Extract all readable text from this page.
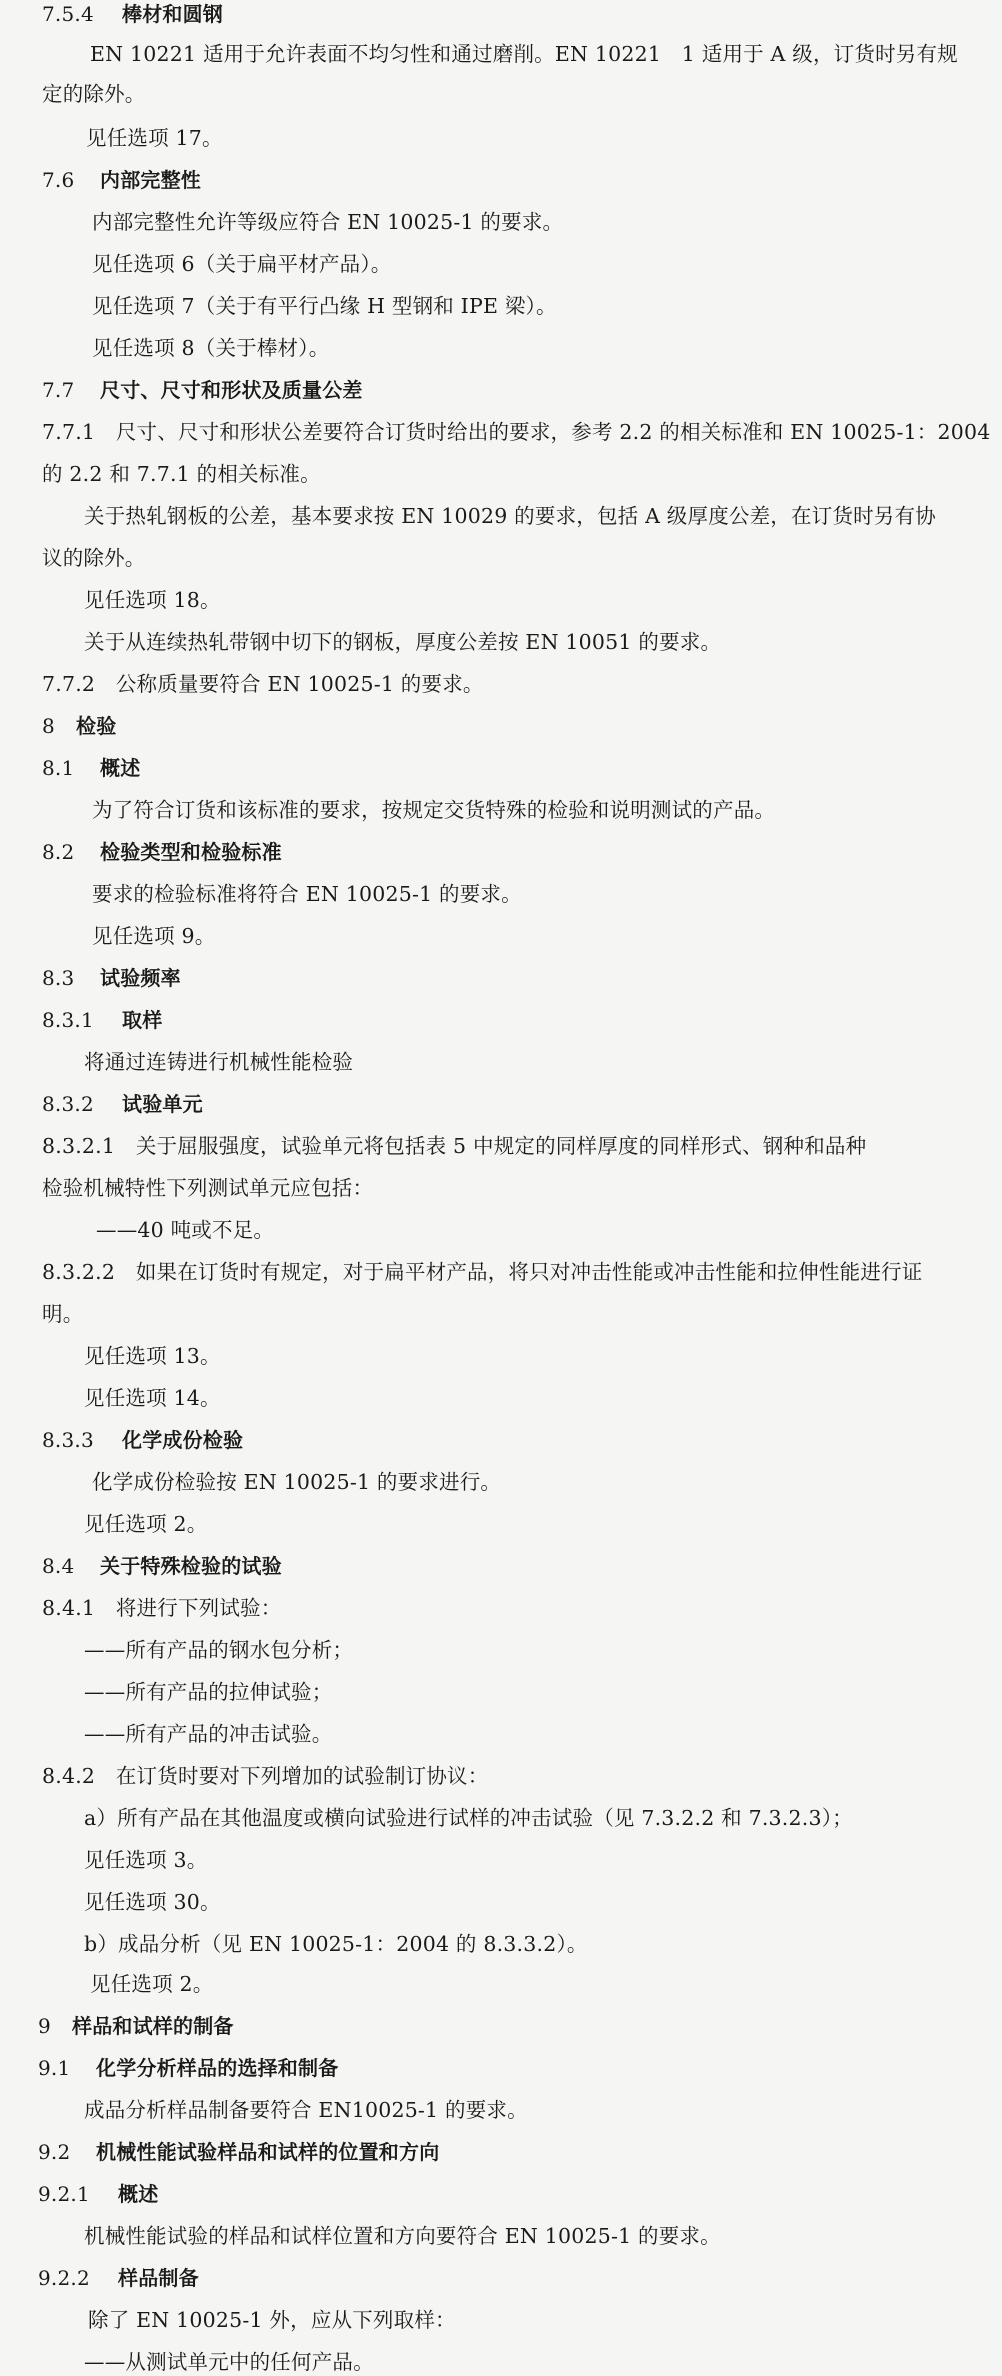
7.5.4 棒材和圆钢
EN 10221 适用于允许表面不均匀性和通过磨削。EN 10221　1 适用于 A 级，订货时另有规
定的除外。
见任选项 17。
7.6 内部完整性
内部完整性允许等级应符合 EN 10025-1 的要求。
见任选项 6（关于扁平材产品）。
见任选项 7（关于有平行凸缘 H 型钢和 IPE 梁）。
见任选项 8（关于棒材）。
7.7 尺寸、尺寸和形状及质量公差
7.7.1　尺寸、尺寸和形状公差要符合订货时给出的要求，参考 2.2 的相关标准和 EN 10025-1：2004
的 2.2 和 7.7.1 的相关标准。
关于热轧钢板的公差，基本要求按 EN 10029 的要求，包括 A 级厚度公差，在订货时另有协
议的除外。
见任选项 18。
关于从连续热轧带钢中切下的钢板，厚度公差按 EN 10051 的要求。
7.7.2　公称质量要符合 EN 10025-1 的要求。
8 检验
8.1 概述
为了符合订货和该标准的要求，按规定交货特殊的检验和说明测试的产品。
8.2 检验类型和检验标准
要求的检验标准将符合 EN 10025-1 的要求。
见任选项 9。
8.3 试验频率
8.3.1 取样
将通过连铸进行机械性能检验
8.3.2 试验单元
8.3.2.1　关于屈服强度，试验单元将包括表 5 中规定的同样厚度的同样形式、钢种和品种
检验机械特性下列测试单元应包括：
——40 吨或不足。
8.3.2.2　如果在订货时有规定，对于扁平材产品，将只对冲击性能或冲击性能和拉伸性能进行证
明。
见任选项 13。
见任选项 14。
8.3.3 化学成份检验
化学成份检验按 EN 10025-1 的要求进行。
见任选项 2。
8.4 关于特殊检验的试验
8.4.1　将进行下列试验：
——所有产品的钢水包分析；
——所有产品的拉伸试验；
——所有产品的冲击试验。
8.4.2　在订货时要对下列增加的试验制订协议：
a）所有产品在其他温度或横向试验进行试样的冲击试验（见 7.3.2.2 和 7.3.2.3）；
见任选项 3。
见任选项 30。
b）成品分析（见 EN 10025-1：2004 的 8.3.3.2）。
见任选项 2。
9 样品和试样的制备
9.1 化学分析样品的选择和制备
成品分析样品制备要符合 EN10025-1 的要求。
9.2 机械性能试验样品和试样的位置和方向
9.2.1 概述
机械性能试验的样品和试样位置和方向要符合 EN 10025-1 的要求。
9.2.2 样品制备
除了 EN 10025-1 外，应从下列取样：
——从测试单元中的任何产品。
